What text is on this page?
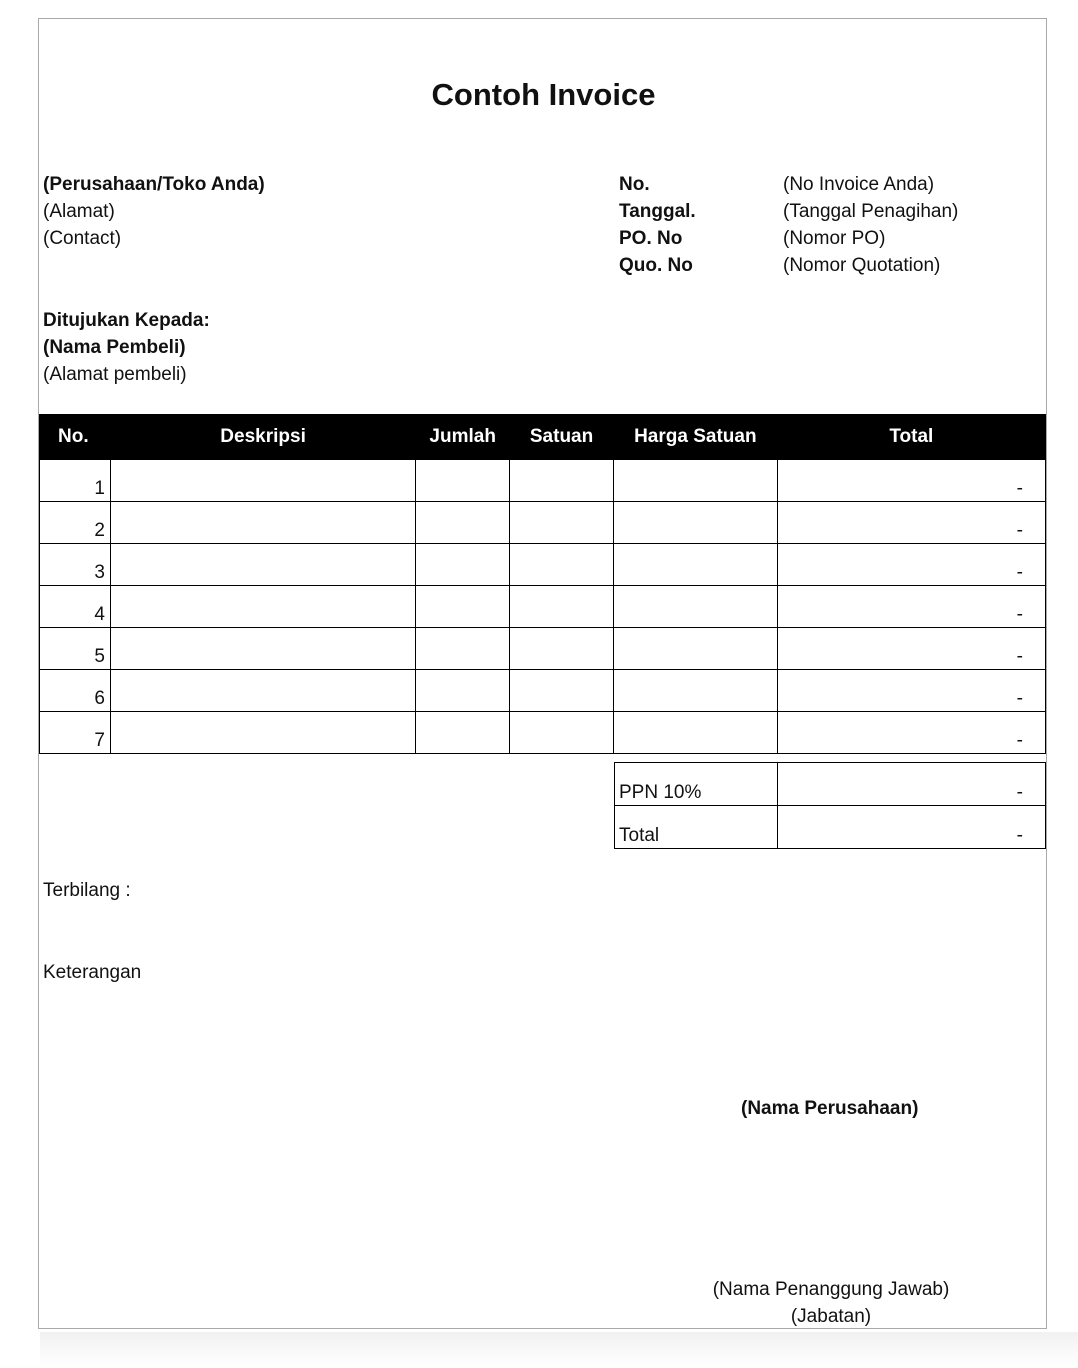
Contoh Invoice
(Perusahaan/Toko Anda)
(Alamat)
(Contact)
No.	(No Invoice Anda)
Tanggal.	(Tanggal Penagihan)
PO. No	(Nomor PO)
Quo. No	(Nomor Quotation)
Ditujukan Kepada:
(Nama Pembeli)
(Alamat pembeli)
No.	Deskripsi	Jumlah	Satuan	Harga Satuan	Total
1					-
2					-
3					-
4					-
5					-
6					-
7					-
PPN 10%	-
Total	-
Terbilang :
Keterangan
(Nama Perusahaan)
(Nama Penanggung Jawab)
(Jabatan)
